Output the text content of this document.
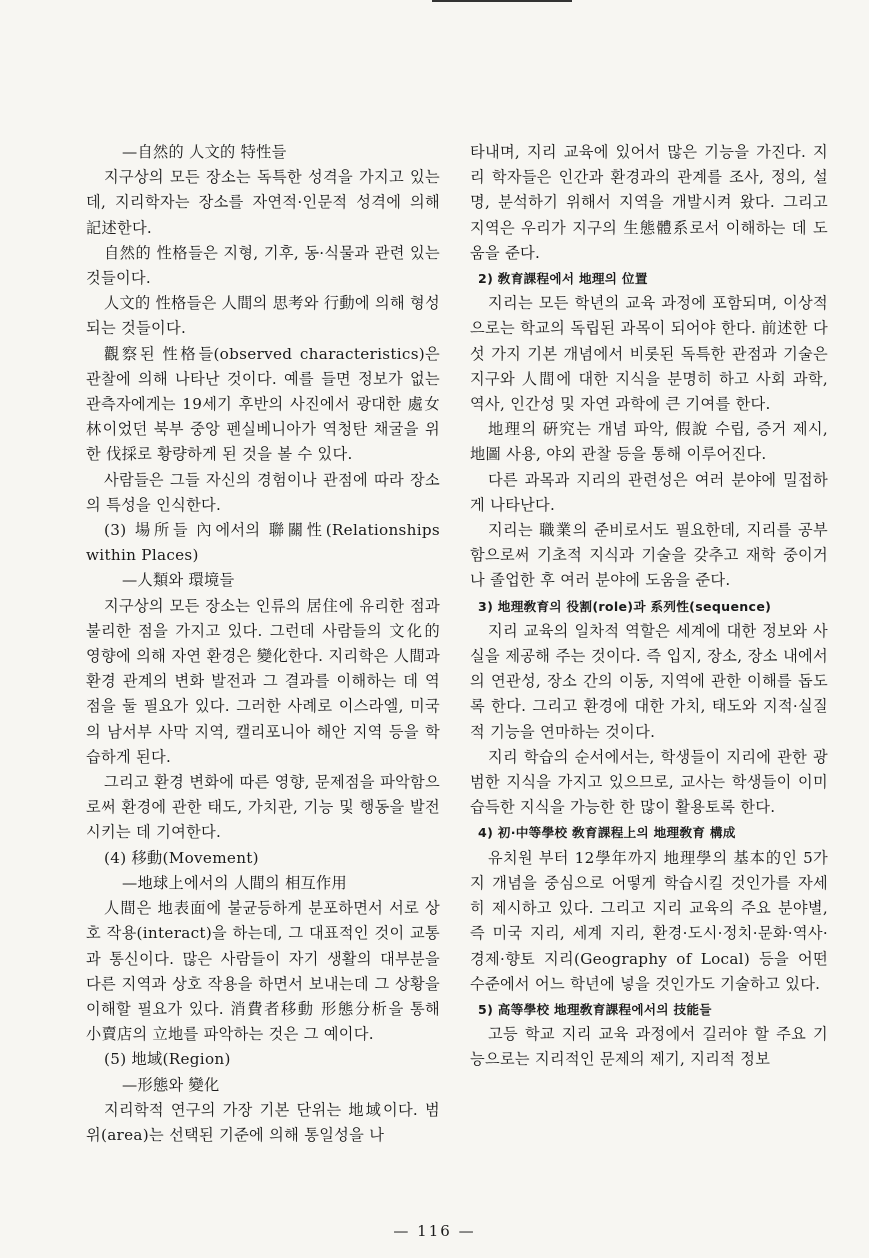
—自然的 人文的 特性들

지구상의 모든 장소는 독특한 성격을 가지고 있는데, 지리학자는 장소를 자연적·인문적 성격에 의해 記述한다.

自然的 性格들은 지형, 기후, 동·식물과 관련 있는 것들이다.

人文的 性格들은 人間의 思考와 行動에 의해 형성되는 것들이다.

觀察된 性格들(observed characteristics)은 관찰에 의해 나타난 것이다. 예를 들면 정보가 없는 관측자에게는 19세기 후반의 사진에서 광대한 處女林이었던 북부 중앙 펜실베니아가 역청탄 채굴을 위한 伐採로 황량하게 된 것을 볼 수 있다.

사람들은 그들 자신의 경험이나 관점에 따라 장소의 특성을 인식한다.

(3) 場所들 內에서의 聯關性(Relationships within Places)

—人類와 環境들

지구상의 모든 장소는 인류의 居住에 유리한 점과 불리한 점을 가지고 있다. 그런데 사람들의 文化的 영향에 의해 자연 환경은 變化한다. 지리학은 人間과 환경 관계의 변화 발전과 그 결과를 이해하는 데 역점을 둘 필요가 있다. 그러한 사례로 이스라엘, 미국의 남서부 사막 지역, 캘리포니아 해안 지역 등을 학습하게 된다.

그리고 환경 변화에 따른 영향, 문제점을 파악함으로써 환경에 관한 태도, 가치관, 기능 및 행동을 발전시키는 데 기여한다.

(4) 移動(Movement)

—地球上에서의 人間의 相互作用

人間은 地表面에 불균등하게 분포하면서 서로 상호 작용(interact)을 하는데, 그 대표적인 것이 교통과 통신이다. 많은 사람들이 자기 생활의 대부분을 다른 지역과 상호 작용을 하면서 보내는데 그 상황을 이해할 필요가 있다. 消費者移動 形態分析을 통해 小賣店의 立地를 파악하는 것은 그 예이다.

(5) 地域(Region)

—形態와 變化

지리학적 연구의 가장 기본 단위는 地域이다. 범위(area)는 선택된 기준에 의해 통일성을 나

타내며, 지리 교육에 있어서 많은 기능을 가진다. 지리 학자들은 인간과 환경과의 관계를 조사, 정의, 설명, 분석하기 위해서 지역을 개발시켜 왔다. 그리고 지역은 우리가 지구의 生態體系로서 이해하는 데 도움을 준다.

2) 敎育課程에서 地理의 位置

지리는 모든 학년의 교육 과정에 포함되며, 이상적으로는 학교의 독립된 과목이 되어야 한다. 前述한 다섯 가지 기본 개념에서 비롯된 독특한 관점과 기술은 지구와 人間에 대한 지식을 분명히 하고 사회 과학, 역사, 인간성 및 자연 과학에 큰 기여를 한다.

地理의 硏究는 개념 파악, 假說 수립, 증거 제시, 地圖 사용, 야외 관찰 등을 통해 이루어진다.

다른 과목과 지리의 관련성은 여러 분야에 밀접하게 나타난다.

지리는 職業의 준비로서도 필요한데, 지리를 공부함으로써 기초적 지식과 기술을 갖추고 재학 중이거나 졸업한 후 여러 분야에 도움을 준다.

3) 地理敎育의 役割(role)과 系列性(sequence)

지리 교육의 일차적 역할은 세계에 대한 정보와 사실을 제공해 주는 것이다. 즉 입지, 장소, 장소 내에서의 연관성, 장소 간의 이동, 지역에 관한 이해를 돕도록 한다. 그리고 환경에 대한 가치, 태도와 지적·실질적 기능을 연마하는 것이다.

지리 학습의 순서에서는, 학생들이 지리에 관한 광범한 지식을 가지고 있으므로, 교사는 학생들이 이미 습득한 지식을 가능한 한 많이 활용토록 한다.

4) 初·中等學校 敎育課程上의 地理敎育 構成

유치원 부터 12學年까지 地理學의 基本的인 5가지 개념을 중심으로 어떻게 학습시킬 것인가를 자세히 제시하고 있다. 그리고 지리 교육의 주요 분야별, 즉 미국 지리, 세계 지리, 환경·도시·정치·문화·역사·경제·향토 지리(Geography of Local) 등을 어떤 수준에서 어느 학년에 넣을 것인가도 기술하고 있다.

5) 高等學校 地理敎育課程에서의 技能들

고등 학교 지리 교육 과정에서 길러야 할 주요 기능으로는 지리적인 문제의 제기, 지리적 정보

— 116 —
